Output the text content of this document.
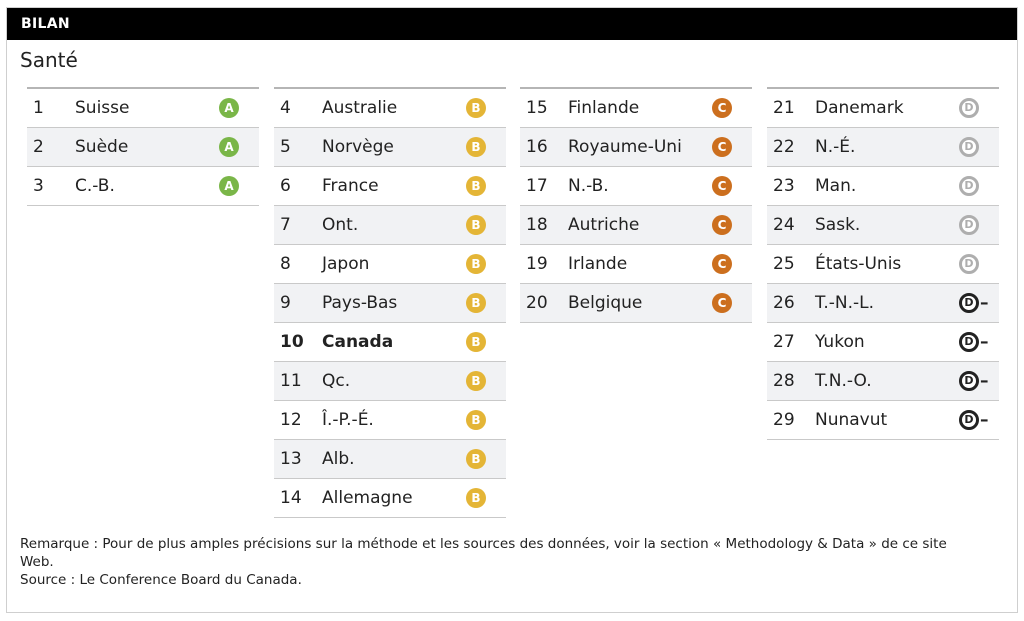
BILAN
Santé
1 Suisse	A
2 Suède	A
3 C.-B.	A
4 Australie	B
5 Norvège	B
6 France	B
7 Ont.	B
8 Japon	B
9 Pays-Bas	B
10 Canada	B
11 Qc.	B
12 Î.-P.-É.	B
13 Alb.	B
14 Allemagne	B
15 Finlande	C
16 Royaume-Uni	C
17 N.-B.	C
18 Autriche	C
19 Irlande	C
20 Belgique	C
21 Danemark	D
22 N.-É.	D
23 Man.	D
24 Sask.	D
25 États-Unis	D
26 T.-N.-L.	D –
27 Yukon	D –
28 T.N.-O.	D –
29 Nunavut	D –
Remarque : Pour de plus amples précisions sur la méthode et les sources des données, voir la section « Methodology & Data » de ce site Web.
Source : Le Conference Board du Canada.
